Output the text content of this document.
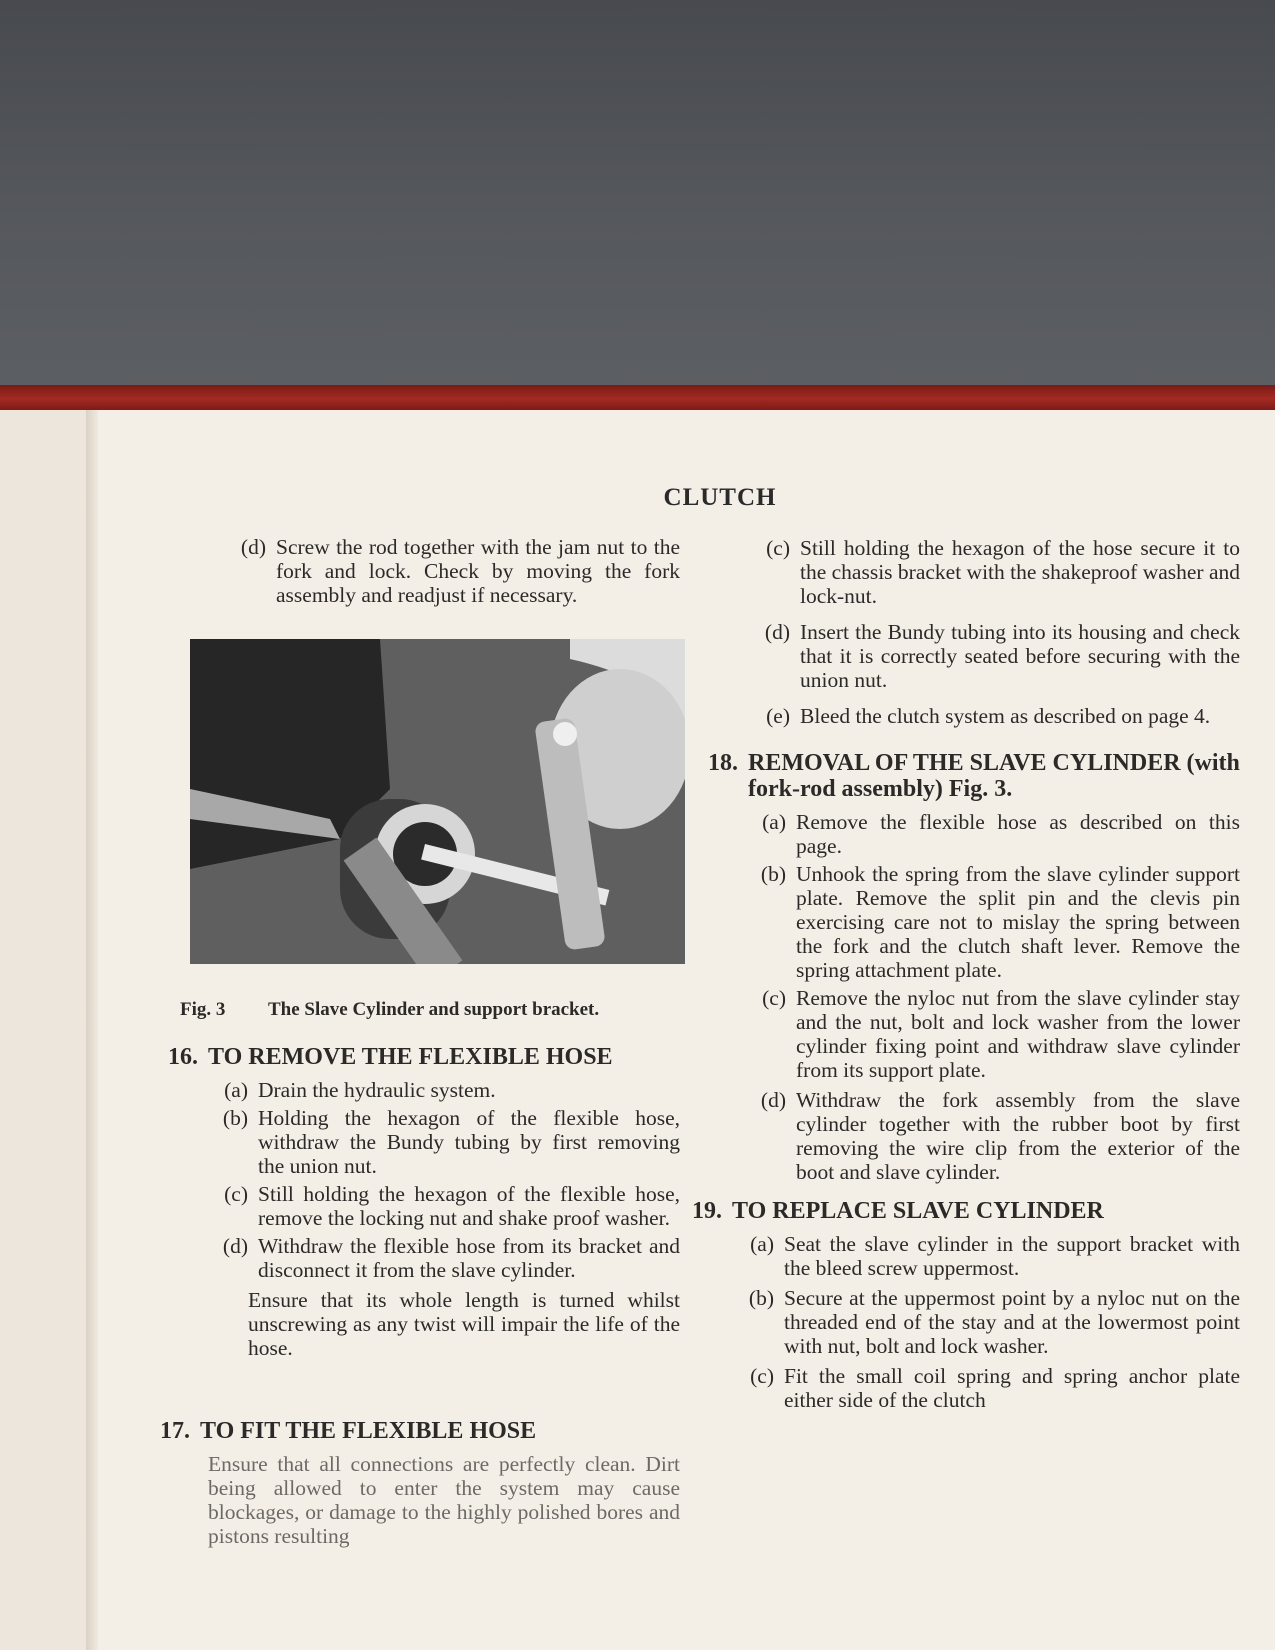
CLUTCH
(d) Screw the rod together with the jam nut to the fork and lock. Check by moving the fork assembly and readjust if necessary.
Fig. 3	The Slave Cylinder and support bracket.
16. TO REMOVE THE FLEXIBLE HOSE
(a) Drain the hydraulic system.
(b) Holding the hexagon of the flexible hose, withdraw the Bundy tubing by first removing the union nut.
(c) Still holding the hexagon of the flexible hose, remove the locking nut and shake proof washer.
(d) Withdraw the flexible hose from its bracket and disconnect it from the slave cylinder.
Ensure that its whole length is turned whilst unscrewing as any twist will impair the life of the hose.
17. TO FIT THE FLEXIBLE HOSE
Ensure that all connections are perfectly clean. Dirt being allowed to enter the system may cause blockages, or damage to the highly polished bores and pistons resulting
(c) Still holding the hexagon of the hose secure it to the chassis bracket with the shakeproof washer and lock-nut.
(d) Insert the Bundy tubing into its housing and check that it is correctly seated before securing with the union nut.
(e) Bleed the clutch system as described on page 4.
18. REMOVAL OF THE SLAVE CYLINDER (with fork-rod assembly) Fig. 3.
(a) Remove the flexible hose as described on this page.
(b) Unhook the spring from the slave cylinder support plate. Remove the split pin and the clevis pin exercising care not to mislay the spring between the fork and the clutch shaft lever. Remove the spring attachment plate.
(c) Remove the nyloc nut from the slave cylinder stay and the nut, bolt and lock washer from the lower cylinder fixing point and withdraw slave cylinder from its support plate.
(d) Withdraw the fork assembly from the slave cylinder together with the rubber boot by first removing the wire clip from the exterior of the boot and slave cylinder.
19. TO REPLACE SLAVE CYLINDER
(a) Seat the slave cylinder in the support bracket with the bleed screw uppermost.
(b) Secure at the uppermost point by a nyloc nut on the threaded end of the stay and at the lowermost point with nut, bolt and lock washer.
(c) Fit the small coil spring and spring anchor plate either side of the clutch
